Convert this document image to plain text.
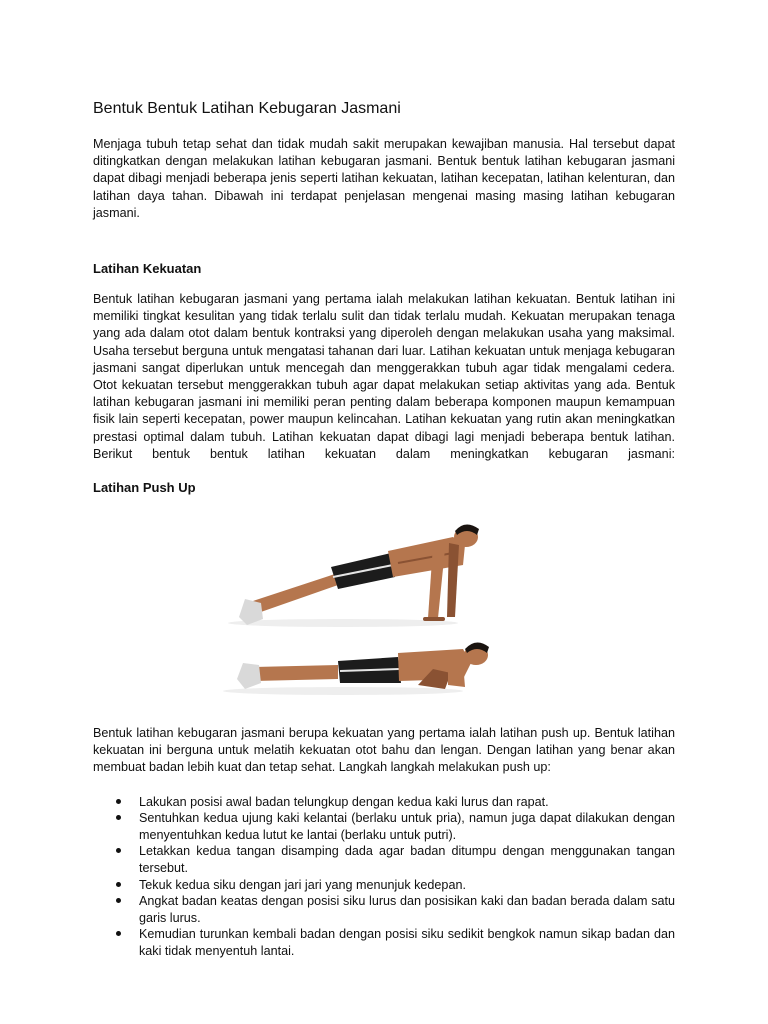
Bentuk Bentuk Latihan Kebugaran Jasmani

Menjaga tubuh tetap sehat dan tidak mudah sakit merupakan kewajiban manusia. Hal tersebut dapat ditingkatkan dengan melakukan latihan kebugaran jasmani. Bentuk bentuk latihan kebugaran jasmani dapat dibagi menjadi beberapa jenis seperti latihan kekuatan, latihan kecepatan, latihan kelenturan, dan latihan daya tahan. Dibawah ini terdapat penjelasan mengenai masing masing latihan kebugaran jasmani.

Latihan Kekuatan

Bentuk latihan kebugaran jasmani yang pertama ialah melakukan latihan kekuatan. Bentuk latihan ini memiliki tingkat kesulitan yang tidak terlalu sulit dan tidak terlalu mudah. Kekuatan merupakan tenaga yang ada dalam otot dalam bentuk kontraksi yang diperoleh dengan melakukan usaha yang maksimal. Usaha tersebut berguna untuk mengatasi tahanan dari luar. Latihan kekuatan untuk menjaga kebugaran jasmani sangat diperlukan untuk mencegah dan menggerakkan tubuh agar tidak mengalami cedera. Otot kekuatan tersebut menggerakkan tubuh agar dapat melakukan setiap aktivitas yang ada. Bentuk latihan kebugaran jasmani ini memiliki peran penting dalam beberapa komponen maupun kemampuan fisik lain seperti kecepatan, power maupun kelincahan. Latihan kekuatan yang rutin akan meningkatkan prestasi optimal dalam tubuh. Latihan kekuatan dapat dibagi lagi menjadi beberapa bentuk latihan. Berikut bentuk bentuk latihan kekuatan dalam meningkatkan kebugaran jasmani:

Latihan Push Up

Bentuk latihan kebugaran jasmani berupa kekuatan yang pertama ialah latihan push up. Bentuk latihan kekuatan ini berguna untuk melatih kekuatan otot bahu dan lengan. Dengan latihan yang benar akan membuat badan lebih kuat dan tetap sehat. Langkah langkah melakukan push up:

Lakukan posisi awal badan telungkup dengan kedua kaki lurus dan rapat.
Sentuhkan kedua ujung kaki kelantai (berlaku untuk pria), namun juga dapat dilakukan dengan menyentuhkan kedua lutut ke lantai (berlaku untuk putri).
Letakkan kedua tangan disamping dada agar badan ditumpu dengan menggunakan tangan tersebut.
Tekuk kedua siku dengan jari jari yang menunjuk kedepan.
Angkat badan keatas dengan posisi siku lurus dan posisikan kaki dan badan berada dalam satu garis lurus.
Kemudian turunkan kembali badan dengan posisi siku sedikit bengkok namun sikap badan dan kaki tidak menyentuh lantai.
